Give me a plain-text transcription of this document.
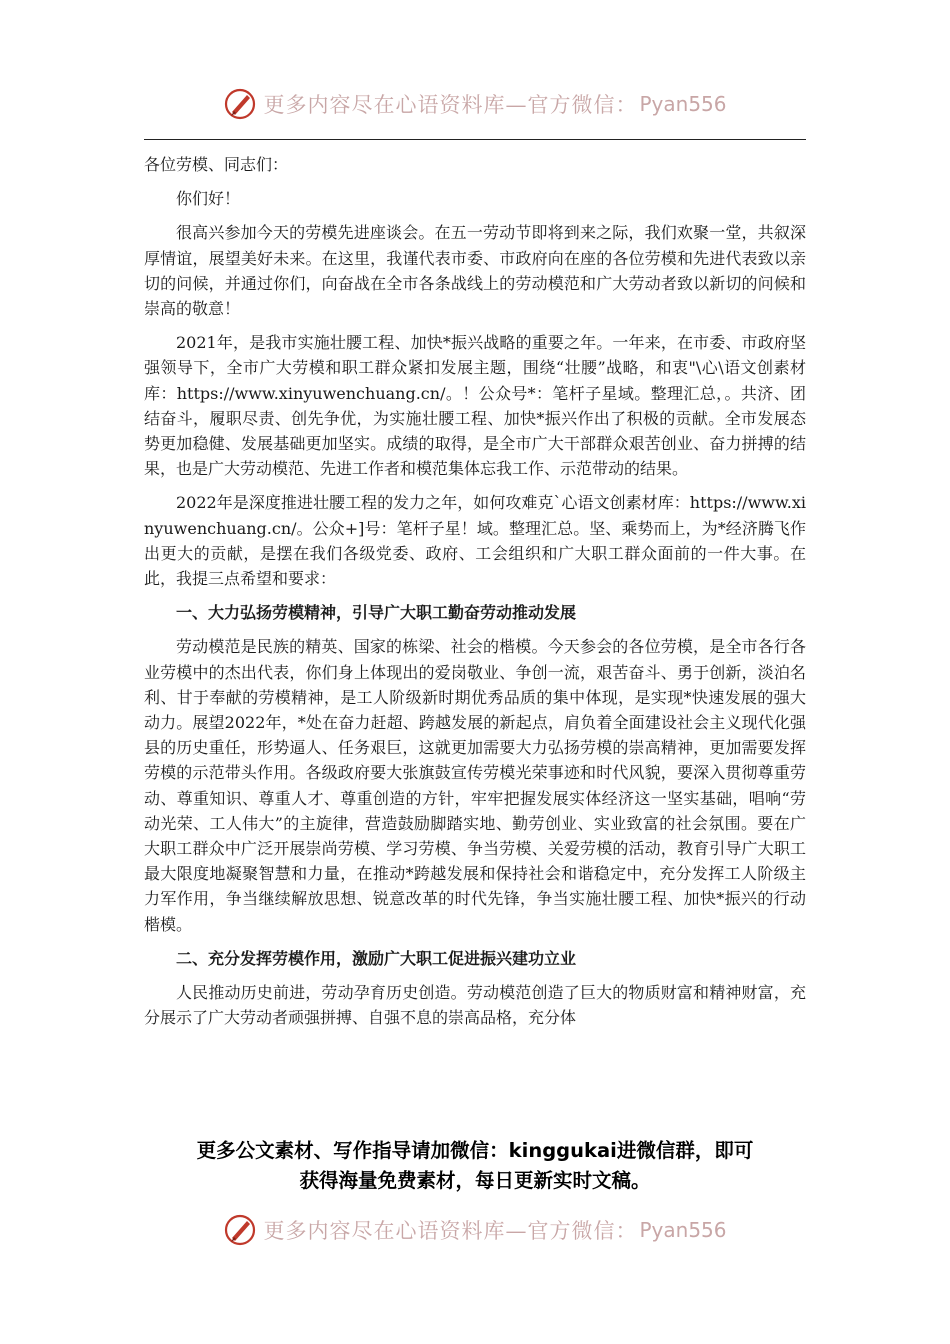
更多内容尽在心语资料库—官方微信： Pyan556

各位劳模、同志们：

你们好！

很高兴参加今天的劳模先进座谈会。在五一劳动节即将到来之际，我们欢聚一堂，共叙深厚情谊，展望美好未来。在这里，我谨代表市委、市政府向在座的各位劳模和先进代表致以亲切的问候，并通过你们，向奋战在全市各条战线上的劳动模范和广大劳动者致以新切的问候和崇高的敬意！

2021年，是我市实施壮腰工程、加快*振兴战略的重要之年。一年来，在市委、市政府坚强领导下，全市广大劳模和职工群众紧扣发展主题，围绕“壮腰”战略，和衷"\心\语文创素材库：https://www.xinyuwenchuang.cn/。！公众号*：笔杆子星域。整理汇总，。共济、团结奋斗，履职尽责、创先争优，为实施壮腰工程、加快*振兴作出了积极的贡献。全市发展态势更加稳健、发展基础更加坚实。成绩的取得，是全市广大干部群众艰苦创业、奋力拼搏的结果，也是广大劳动模范、先进工作者和模范集体忘我工作、示范带动的结果。

2022年是深度推进壮腰工程的发力之年，如何攻难克`心语文创素材库：https://www.xinyuwenchuang.cn/。公众+]号：笔杆子星！域。整理汇总。坚、乘势而上，为*经济腾飞作出更大的贡献，是摆在我们各级党委、政府、工会组织和广大职工群众面前的一件大事。在此，我提三点希望和要求：

一、大力弘扬劳模精神，引导广大职工勤奋劳动推动发展

劳动模范是民族的精英、国家的栋梁、社会的楷模。今天参会的各位劳模，是全市各行各业劳模中的杰出代表，你们身上体现出的爱岗敬业、争创一流，艰苦奋斗、勇于创新，淡泊名利、甘于奉献的劳模精神，是工人阶级新时期优秀品质的集中体现，是实现*快速发展的强大动力。展望2022年，*处在奋力赶超、跨越发展的新起点，肩负着全面建设社会主义现代化强县的历史重任，形势逼人、任务艰巨，这就更加需要大力弘扬劳模的崇高精神，更加需要发挥劳模的示范带头作用。各级政府要大张旗鼓宣传劳模光荣事迹和时代风貌，要深入贯彻尊重劳动、尊重知识、尊重人才、尊重创造的方针，牢牢把握发展实体经济这一坚实基础，唱响“劳动光荣、工人伟大”的主旋律，营造鼓励脚踏实地、勤劳创业、实业致富的社会氛围。要在广大职工群众中广泛开展崇尚劳模、学习劳模、争当劳模、关爱劳模的活动，教育引导广大职工最大限度地凝聚智慧和力量，在推动*跨越发展和保持社会和谐稳定中，充分发挥工人阶级主力军作用，争当继续解放思想、锐意改革的时代先锋，争当实施壮腰工程、加快*振兴的行动楷模。

二、充分发挥劳模作用，激励广大职工促进振兴建功立业

人民推动历史前进，劳动孕育历史创造。劳动模范创造了巨大的物质财富和精神财富，充分展示了广大劳动者顽强拼搏、自强不息的崇高品格，充分体

更多公文素材、写作指导请加微信：kinggukai进微信群，即可
获得海量免费素材，每日更新实时文稿。
更多内容尽在心语资料库—官方微信： Pyan556
